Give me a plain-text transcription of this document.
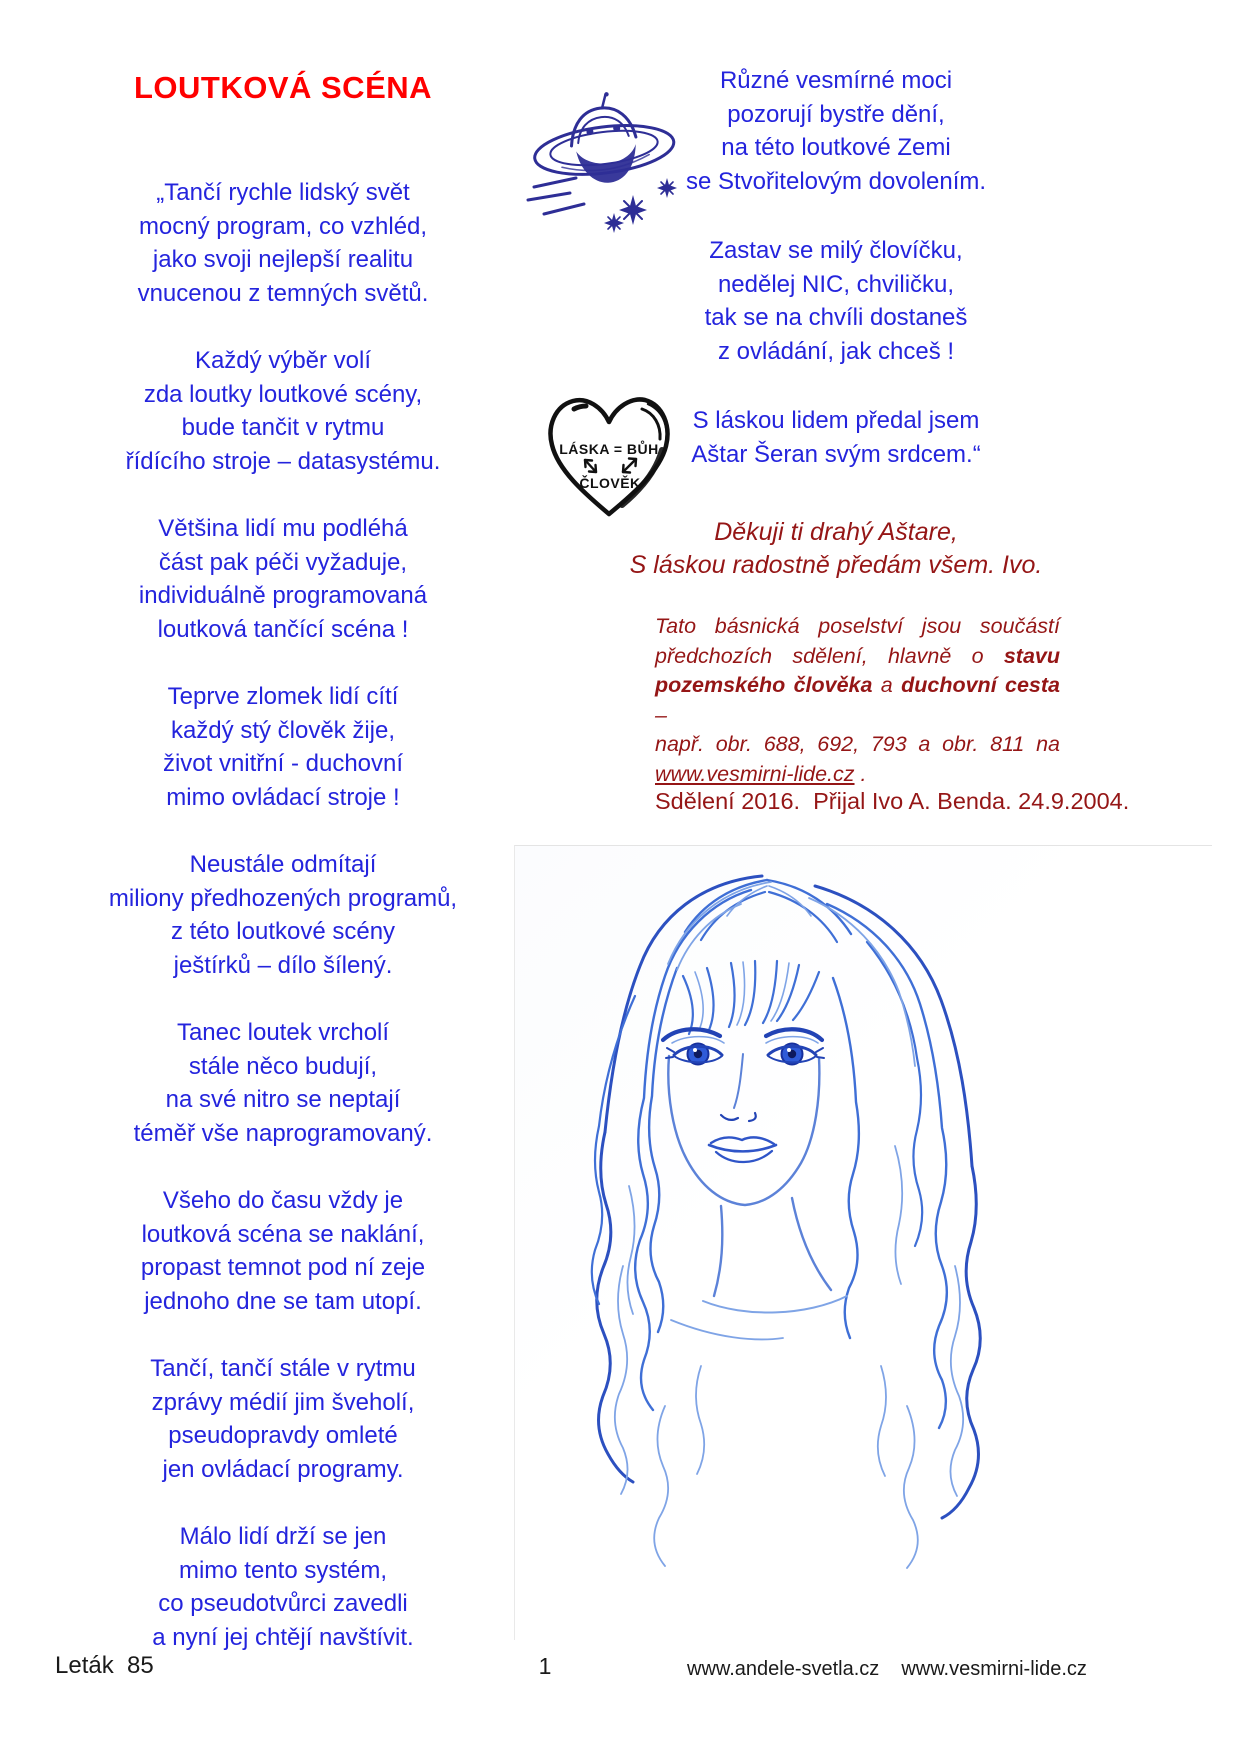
LOUTKOVÁ SCÉNA
„Tančí rychle lidský svět
mocný program, co vzhléd,
jako svoji nejlepší realitu
vnucenou z temných světů.
Každý výběr volí
zda loutky loutkové scény,
bude tančit v rytmu
řídícího stroje – datasystému.
Většina lidí mu podléhá
část pak péči vyžaduje,
individuálně programovaná
loutková tančící scéna !
Teprve zlomek lidí cítí
každý stý člověk žije,
život vnitřní - duchovní
mimo ovládací stroje !
Neustále odmítají
miliony předhozených programů,
z této loutkové scény
ještírků – dílo šílený.
Tanec loutek vrcholí
stále něco budují,
na své nitro se neptají
téměř vše naprogramovaný.
Všeho do času vždy je
loutková scéna se naklání,
propast temnot pod ní zeje
jednoho dne se tam utopí.
Tančí, tančí stále v rytmu
zprávy médií jim šveholí,
pseudopravdy omleté
jen ovládací programy.
Málo lidí drží se jen
mimo tento systém,
co pseudotvůrci zavedli
a nyní jej chtějí navštívit.
LÁSKA = BŮH
ČLOVĚK
Různé vesmírné moci
pozorují bystře dění,
na této loutkové Zemi
se Stvořitelovým dovolením.
Zastav se milý človíčku,
nedělej NIC, chviličku,
tak se na chvíli dostaneš
z ovládání, jak chceš !
S láskou lidem předal jsem
Aštar Šeran svým srdcem.“
Děkuji ti drahý Aštare,
S láskou radostně předám všem. Ivo.
Tato básnická poselství jsou součástí
předchozích sdělení, hlavně o stavu
pozemského člověka a duchovní cesta –
např. obr. 688, 692, 793 a obr. 811 na
www.vesmirni-lide.cz .
Sdělení 2016.  Přijal Ivo A. Benda. 24.9.2004.
Leták  85	1	www.andele-svetla.cz www.vesmirni-lide.cz
